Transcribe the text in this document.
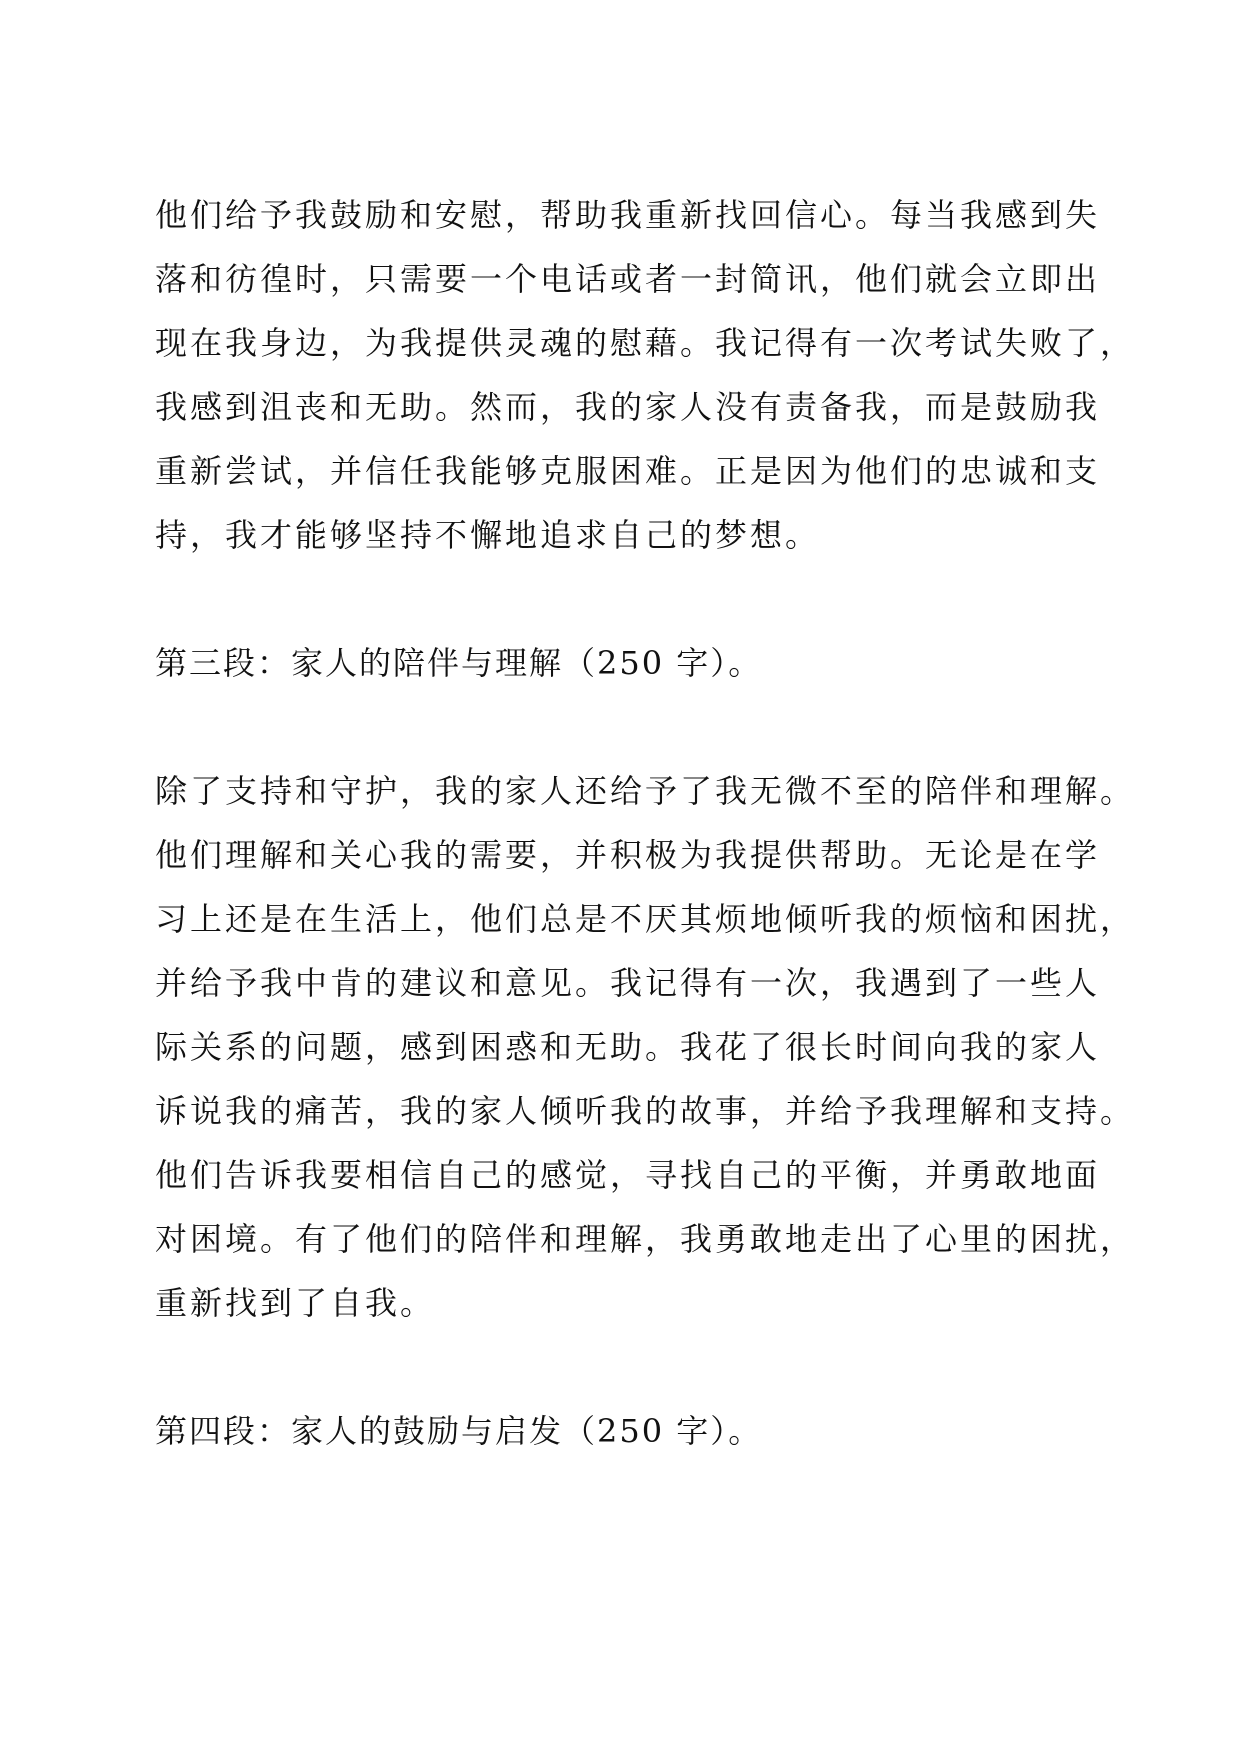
他们给予我鼓励和安慰，帮助我重新找回信心。每当我感到失
落和彷徨时，只需要一个电话或者一封简讯，他们就会立即出
现在我身边，为我提供灵魂的慰藉。我记得有一次考试失败了，
我感到沮丧和无助。然而，我的家人没有责备我，而是鼓励我
重新尝试，并信任我能够克服困难。正是因为他们的忠诚和支
持，我才能够坚持不懈地追求自己的梦想。

第三段：家人的陪伴与理解（250 字）。

除了支持和守护，我的家人还给予了我无微不至的陪伴和理解。
他们理解和关心我的需要，并积极为我提供帮助。无论是在学
习上还是在生活上，他们总是不厌其烦地倾听我的烦恼和困扰，
并给予我中肯的建议和意见。我记得有一次，我遇到了一些人
际关系的问题，感到困惑和无助。我花了很长时间向我的家人
诉说我的痛苦，我的家人倾听我的故事，并给予我理解和支持。
他们告诉我要相信自己的感觉，寻找自己的平衡，并勇敢地面
对困境。有了他们的陪伴和理解，我勇敢地走出了心里的困扰，
重新找到了自我。

第四段：家人的鼓励与启发（250 字）。
